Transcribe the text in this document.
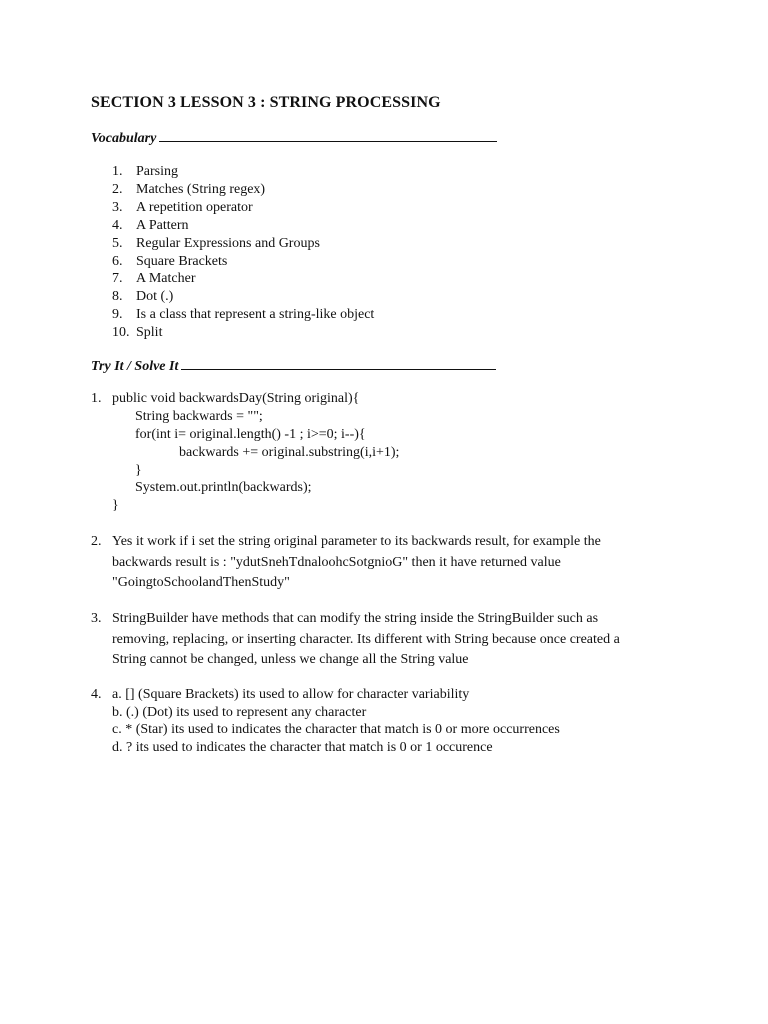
SECTION 3 LESSON 3 : STRING PROCESSING
Vocabulary
1. Parsing
2. Matches (String regex)
3. A repetition operator
4. A Pattern
5. Regular Expressions and Groups
6. Square Brackets
7. A Matcher
8. Dot (.)
9. Is a class that represent a string-like object
10. Split
Try It / Solve It
1. public void backwardsDay(String original){
String backwards = "";
for(int i= original.length() -1 ; i>=0; i--){
backwards += original.substring(i,i+1);
}
System.out.println(backwards);
}
2. Yes it work if i set the string original parameter to its backwards result, for example the
backwards result is : "ydutSnehTdnaloohcSotgnioG" then it have returned value
"GoingtoSchoolandThenStudy"
3. StringBuilder have methods that can modify the string inside the StringBuilder such as
removing, replacing, or inserting character. Its different with String because once created a
String cannot be changed, unless we change all the String value
4. a. [] (Square Brackets) its used to allow for character variability
b. (.) (Dot) its used to represent any character
c. * (Star) its used to indicates the character that match is 0 or more occurrences
d. ? its used to indicates the character that match is 0 or 1 occurence
